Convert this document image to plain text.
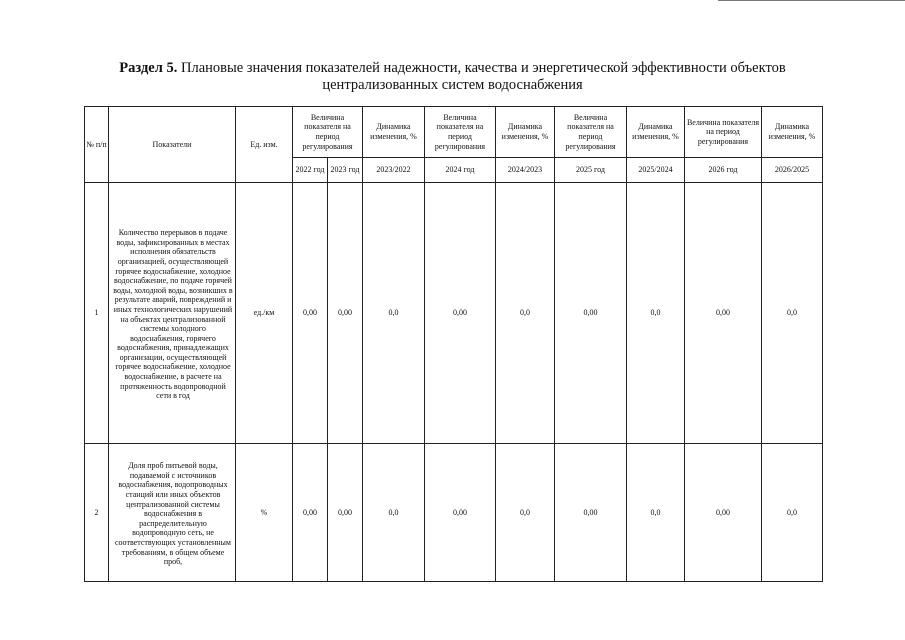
Раздел 5. Плановые значения показателей надежности, качества и энергетической эффективности объектов
централизованных систем водоснабжения
№ п/п	Показатели	Ед. изм.	Величина показателя на период регулирования		Динамика изменения, %	Величина показателя на период регулирования	Динамика изменения, %	Величина показателя на период регулирования	Динамика изменения, %	Величина показателя на период регулирования	Динамика изменения, %
			2022 год	2023 год	2023/2022	2024 год	2024/2023	2025 год	2025/2024	2026 год	2026/2025
1	Количество перерывов в подаче воды, зафиксированных в местах исполнения обязательств организацией, осуществляющей горячее водоснабжение, холодное водоснабжение, по подаче горячей воды, холодной воды, возникших в результате аварий, повреждений и иных технологических нарушений на объектах централизованной системы холодного водоснабжения, горячего водоснабжения, принадлежащих организации, осуществляющей горячее водоснабжение, холодное водоснабжение, в расчете на протяженность водопроводной сети в год	ед./км	0,00	0,00	0,0	0,00	0,0	0,00	0,0	0,00	0,0
2	Доля проб питьевой воды, подаваемой с источников водоснабжения, водопроводных станций или иных объектов централизованной системы водоснабжения в распределительную водопроводную сеть, не соответствующих установленным требованиям, в общем объеме проб,	%	0,00	0,00	0,0	0,00	0,0	0,00	0,0	0,00	0,0
